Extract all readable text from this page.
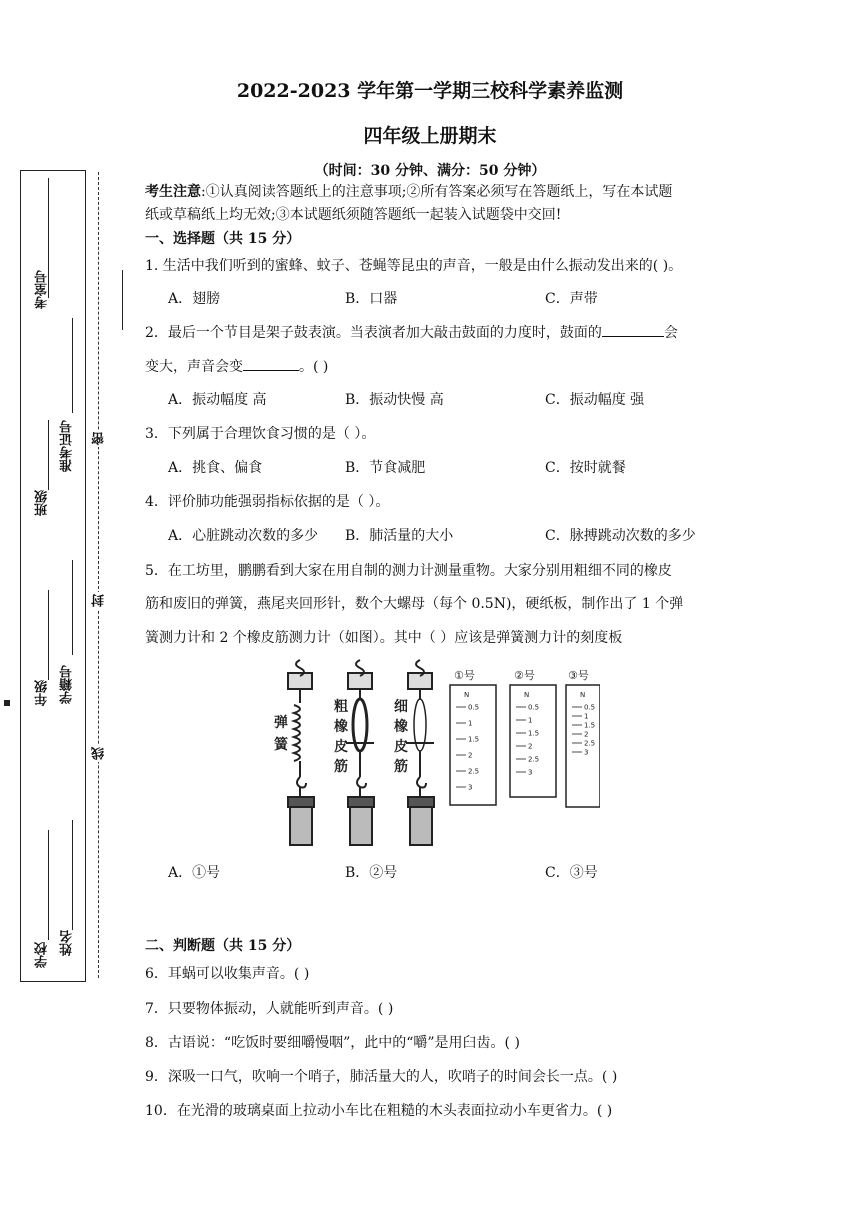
考室号
班级
准考证号
年级 学籍号
学校 姓名
密
封
线
2022-2023 学年第一学期三校科学素养监测
四年级上册期末
（时间：30 分钟、满分：50 分钟）
考生注意:①认真阅读答题纸上的注意事项;②所有答案必须写在答题纸上，写在本试题
纸或草稿纸上均无效;③本试题纸须随答题纸一起装入试题袋中交回!
一、选择题（共 15 分）
1. 生活中我们听到的蜜蜂、蚊子、苍蝇等昆虫的声音，一般是由什么振动发出来的( )。
A．翅膀	B．口器	C．声带
2．最后一个节目是架子鼓表演。当表演者加大敲击鼓面的力度时，鼓面的	会
变大，声音会变	。( )
A．振动幅度 高	B．振动快慢 高	C．振动幅度 强
3．下列属于合理饮食习惯的是（ ）。
A．挑食、偏食	B．节食减肥	C．按时就餐
4．评价肺功能强弱指标依据的是（ ）。
A．心脏跳动次数的多少 B．肺活量的大小	C．脉搏跳动次数的多少
5．在工坊里，鹏鹏看到大家在用自制的测力计测量重物。大家分别用粗细不同的橡皮
筋和废旧的弹簧，燕尾夹回形针，数个大螺母（每个 0.5N)，硬纸板，制作出了 1 个弹
簧测力计和 2 个橡皮筋测力计（如图）。其中（ ）应该是弹簧测力计的刻度板
弹
簧
粗
橡
皮
筋
细
橡
皮
筋
①号	②号	③号
N
0.5
1
1.5
2
2.5
3
N
0.5
1
1.5
2
2.5
3
N
0.5
1
1.5
2
2.5
3
A．①号	B．②号	C．③号
二、判断题（共 15 分）
6．耳蜗可以收集声音。( )
7．只要物体振动，人就能听到声音。( )
8．古语说：“吃饭时要细嚼慢咽”，此中的“嚼”是用臼齿。( )
9．深吸一口气，吹响一个哨子，肺活量大的人，吹哨子的时间会长一点。( )
10．在光滑的玻璃桌面上拉动小车比在粗糙的木头表面拉动小车更省力。( )
